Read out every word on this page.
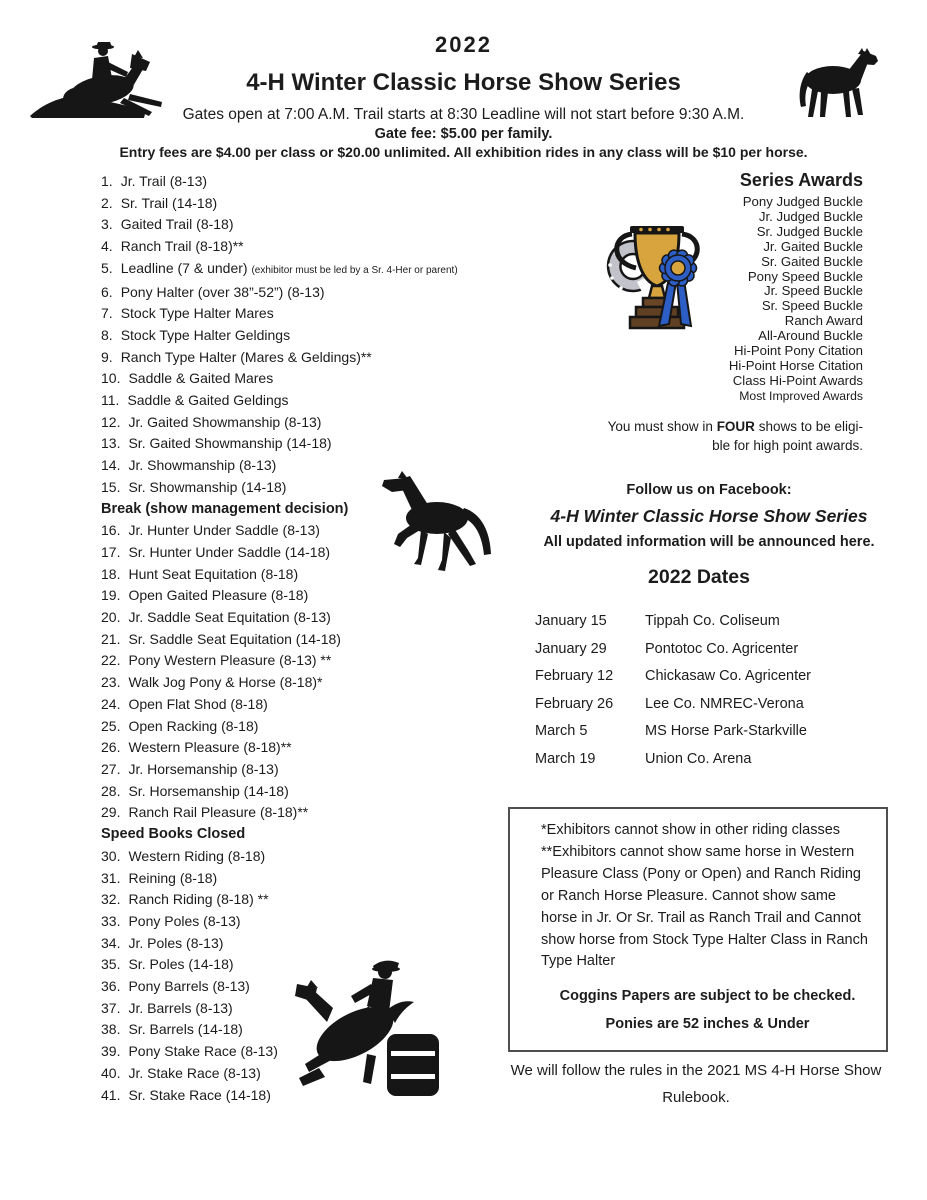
2022

4-H Winter Classic Horse Show Series

Gates open at 7:00 A.M. Trail starts at 8:30 Leadline will not start before 9:30 A.M.

Gate fee: $5.00 per family.

Entry fees are $4.00 per class or $20.00 unlimited. All exhibition rides in any class will be $10 per horse.

1. Jr. Trail (8-13)
2. Sr. Trail (14-18)
3. Gaited Trail (8-18)
4. Ranch Trail (8-18)**
5. Leadline (7 & under) (exhibitor must be led by a Sr. 4-Her or parent)
6. Pony Halter (over 38”-52”) (8-13)
7. Stock Type Halter Mares
8. Stock Type Halter Geldings
9. Ranch Type Halter (Mares & Geldings)**
10. Saddle & Gaited Mares
11. Saddle & Gaited Geldings
12. Jr. Gaited Showmanship (8-13)
13. Sr. Gaited Showmanship (14-18)
14. Jr. Showmanship (8-13)
15. Sr. Showmanship (14-18)
Break (show management decision)
16. Jr. Hunter Under Saddle (8-13)
17. Sr. Hunter Under Saddle (14-18)
18. Hunt Seat Equitation (8-18)
19. Open Gaited Pleasure (8-18)
20. Jr. Saddle Seat Equitation (8-13)
21. Sr. Saddle Seat Equitation (14-18)
22. Pony Western Pleasure (8-13) **
23. Walk Jog Pony & Horse (8-18)*
24. Open Flat Shod (8-18)
25. Open Racking (8-18)
26. Western Pleasure (8-18)**
27. Jr. Horsemanship (8-13)
28. Sr. Horsemanship (14-18)
29. Ranch Rail Pleasure (8-18)**
Speed Books Closed
30. Western Riding (8-18)
31. Reining (8-18)
32. Ranch Riding (8-18) **
33. Pony Poles (8-13)
34. Jr. Poles (8-13)
35. Sr. Poles (14-18)
36. Pony Barrels (8-13)
37. Jr. Barrels (8-13)
38. Sr. Barrels (14-18)
39. Pony Stake Race (8-13)
40. Jr. Stake Race (8-13)
41. Sr. Stake Race (14-18)

Series Awards

Pony Judged Buckle
Jr. Judged Buckle
Sr. Judged Buckle
Jr. Gaited Buckle
Sr. Gaited Buckle
Pony Speed Buckle
Jr. Speed Buckle
Sr. Speed Buckle
Ranch Award
All-Around Buckle
Hi-Point Pony Citation
Hi-Point Horse Citation
Class Hi-Point Awards
Most Improved Awards

You must show in FOUR shows to be eligi-
ble for high point awards.

Follow us on Facebook:

4-H Winter Classic Horse Show Series

All updated information will be announced here.

2022 Dates
January 15	Tippah Co. Coliseum
January 29	Pontotoc Co. Agricenter
February 12	Chickasaw Co. Agricenter
February 26	Lee Co. NMREC-Verona
March 5	MS Horse Park-Starkville
March 19	Union Co. Arena

*Exhibitors cannot show in other riding classes

**Exhibitors cannot show same horse in Western Pleasure Class (Pony or Open) and Ranch Riding or Ranch Horse Pleasure. Cannot show same horse in Jr. Or Sr. Trail as Ranch Trail and Cannot show horse from Stock Type Halter Class in Ranch Type Halter

Coggins Papers are subject to be checked.

Ponies are 52 inches & Under

We will follow the rules in the 2021 MS 4-H Horse Show Rulebook.
